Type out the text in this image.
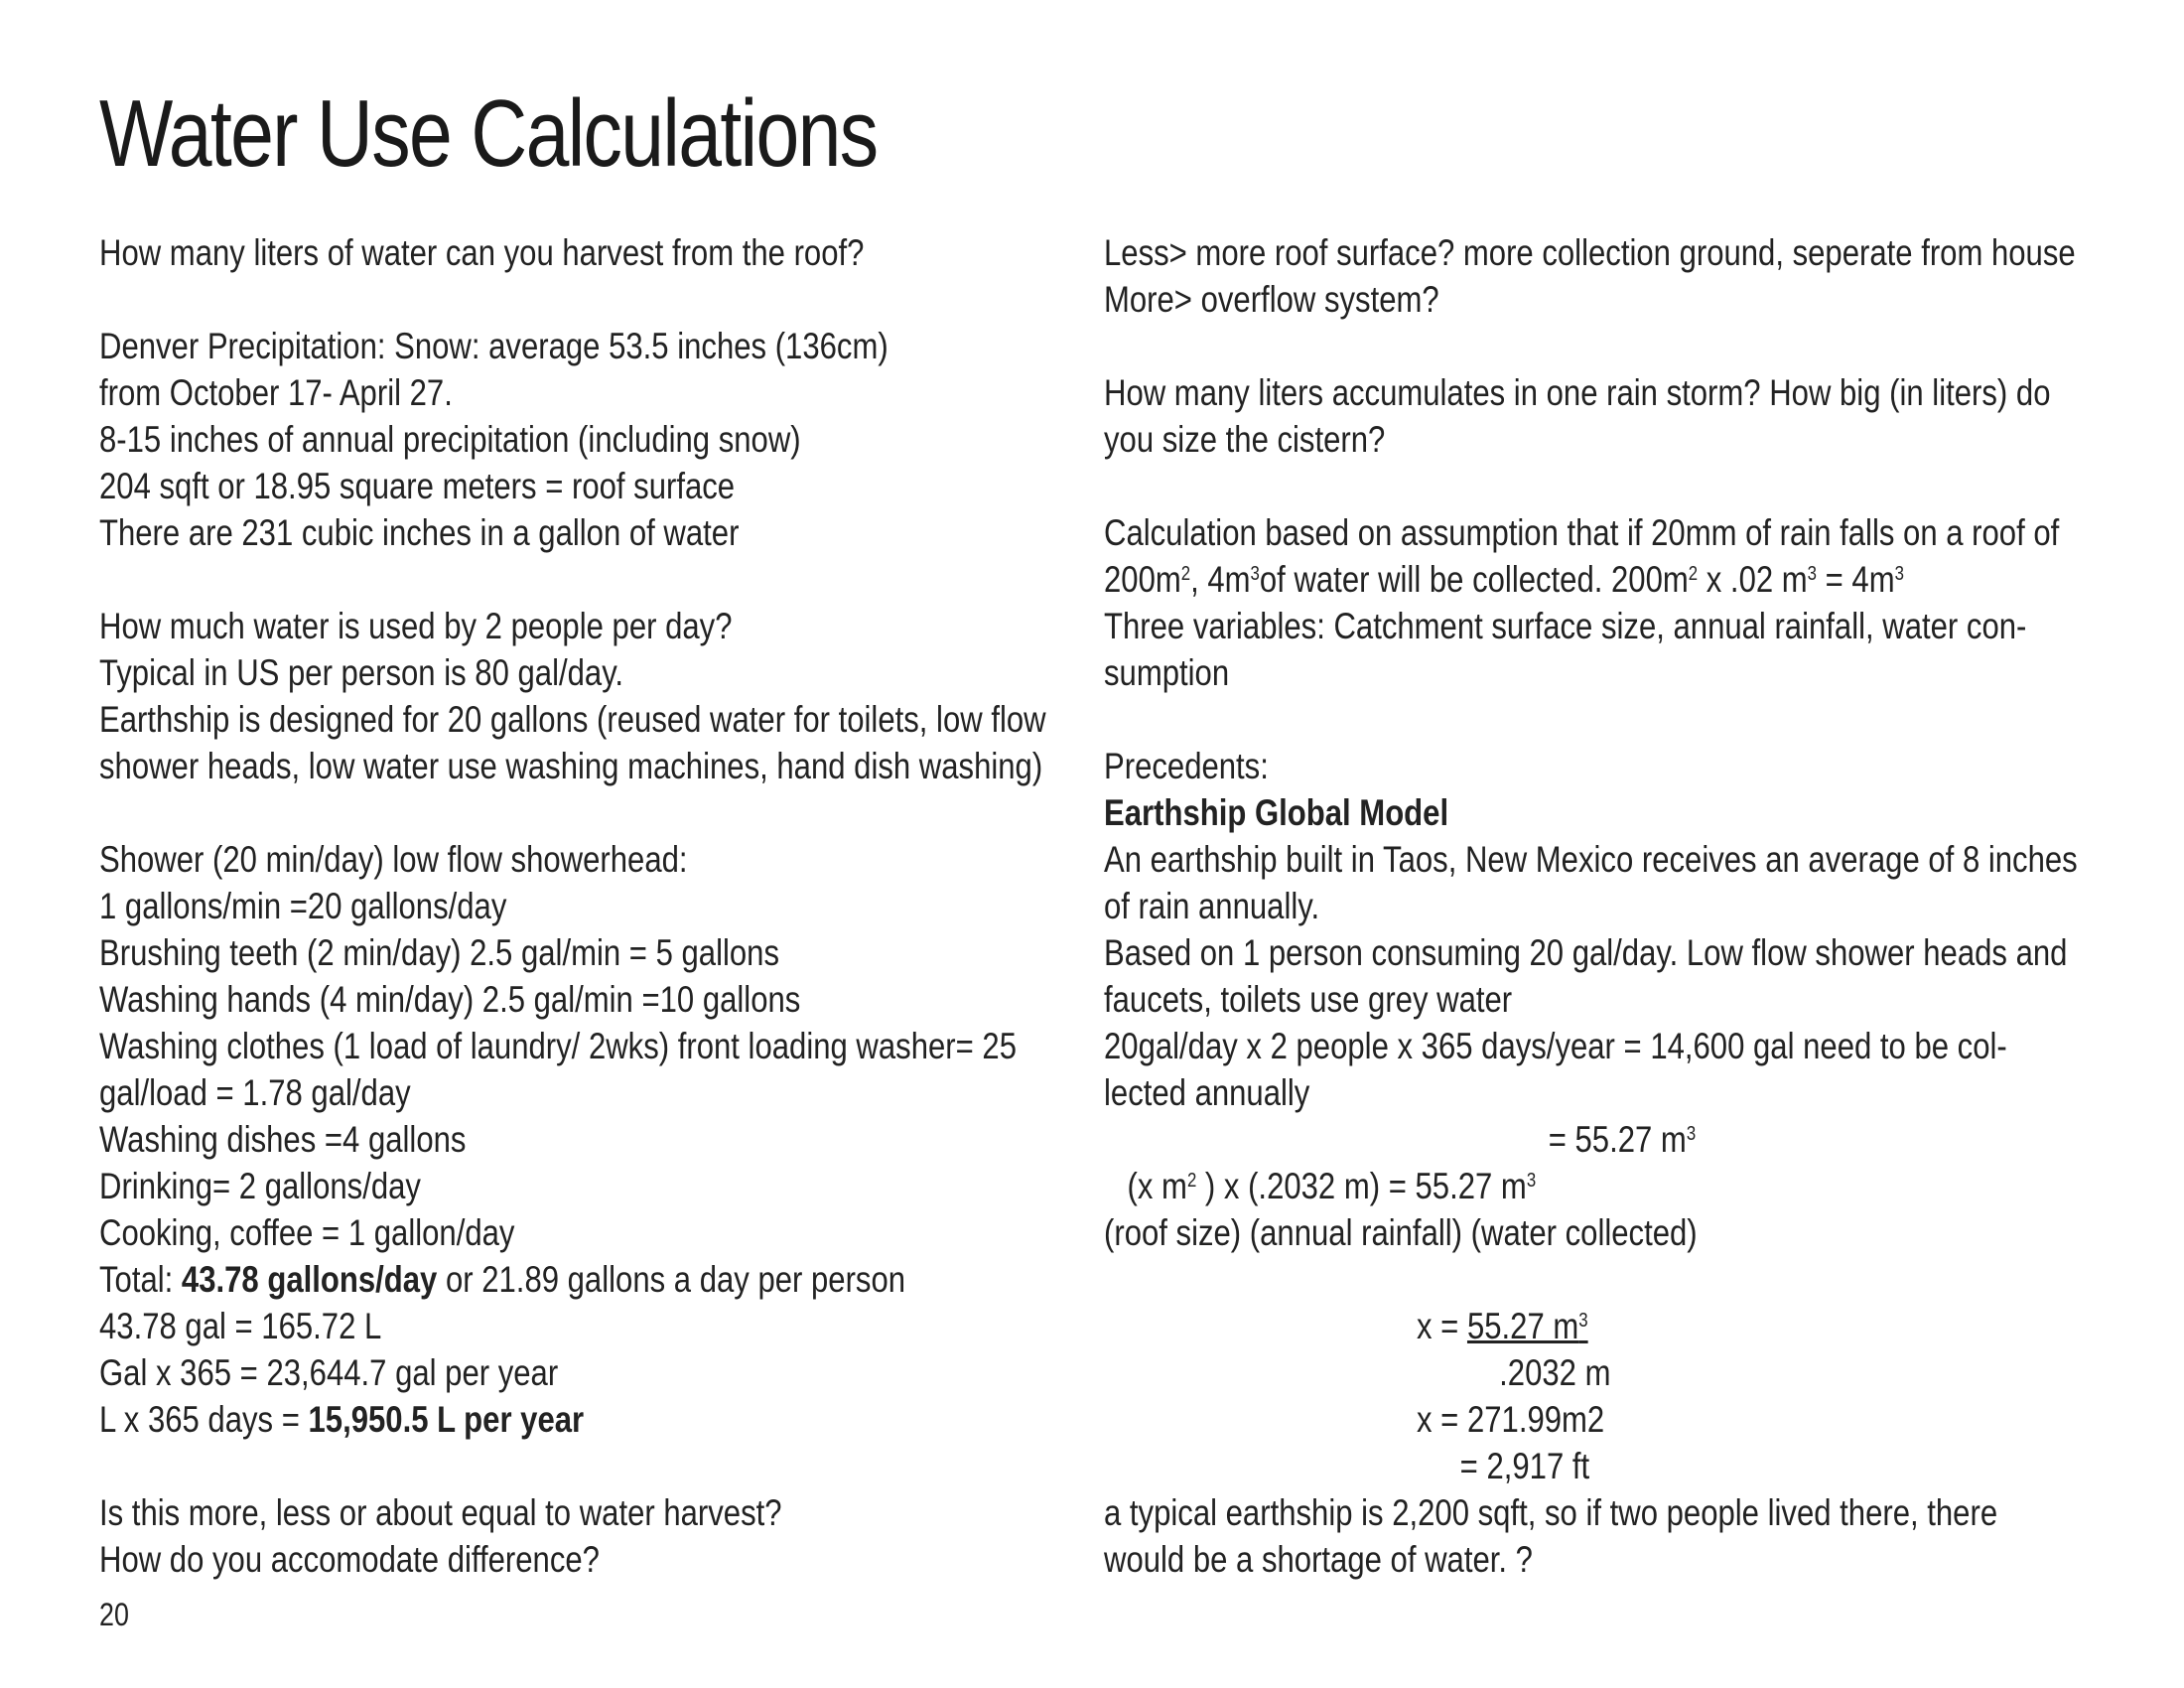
Water Use Calculations
How many liters of water can you harvest from the roof?
Denver Precipitation: Snow: average 53.5 inches (136cm)
from October 17- April 27.
8-15 inches of annual precipitation (including snow)
204 sqft or 18.95 square meters = roof surface
There are 231 cubic inches in a gallon of water
How much water is used by 2 people per day?
Typical in US per person is 80 gal/day.
Earthship is designed for 20 gallons (reused water for toilets, low flow
shower heads, low water use washing machines, hand dish washing)
Shower (20 min/day) low flow showerhead:
1 gallons/min =20 gallons/day
Brushing teeth (2 min/day) 2.5 gal/min = 5 gallons
Washing hands (4 min/day) 2.5 gal/min =10 gallons
Washing clothes (1 load of laundry/ 2wks) front loading washer= 25
gal/load = 1.78 gal/day
Washing dishes =4 gallons
Drinking= 2 gallons/day
Cooking, coffee = 1 gallon/day
Total: 43.78 gallons/day or 21.89 gallons a day per person
43.78 gal = 165.72 L
Gal x 365 = 23,644.7 gal per year
L x 365 days = 15,950.5 L per year
Is this more, less or about equal to water harvest?
How do you accomodate difference?
Less> more roof surface? more collection ground, seperate from house
More> overflow system?
How many liters accumulates in one rain storm? How big (in liters) do
you size the cistern?
Calculation based on assumption that if 20mm of rain falls on a roof of
$200m^2$, $4m^3of$ water will be collected. $200m^2$ x .02 $m^3 = 4m^3$
Three variables: Catchment surface size, annual rainfall, water con-
sumption
Precedents:
Earthship Global Model
An earthship built in Taos, New Mexico receives an average of 8 inches
of rain annually.
Based on 1 person consuming 20 gal/day. Low flow shower heads and
faucets, toilets use grey water
20gal/day x 2 people x 365 days/year = 14,600 gal need to be col-
lected annually
= 55.27 $m^3$
(x $m^2$ ) x (.2032 m) = 55.27 $m^3$
(roof size) (annual rainfall) (water collected)
x = 55.27 $m^3$
.2032 m
x = 271.99m2
= 2,917 ft
a typical earthship is 2,200 sqft, so if two people lived there, there
would be a shortage of water. ?
20
